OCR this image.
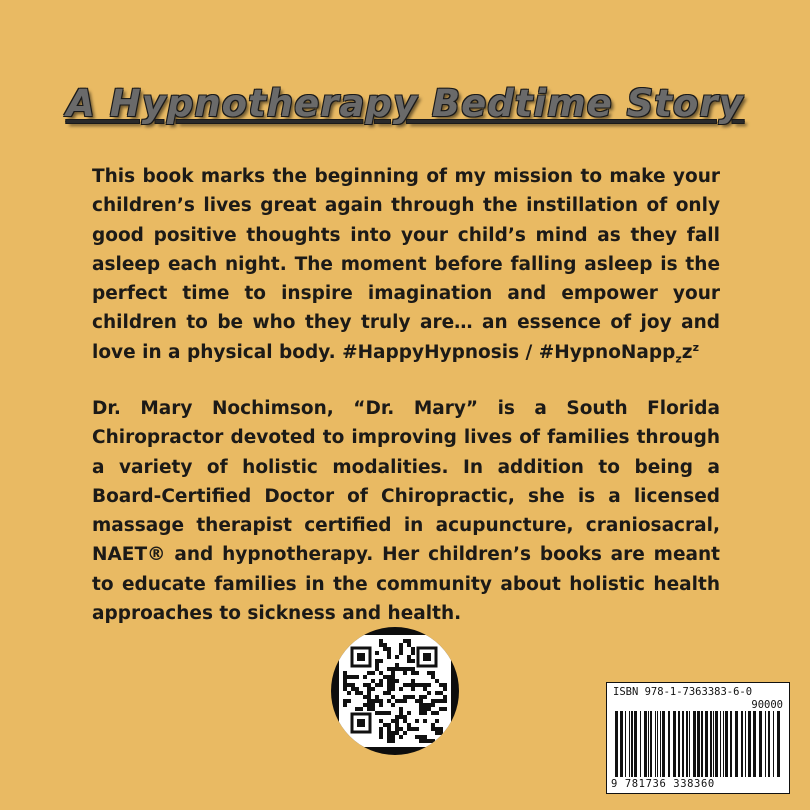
A Hypnotherapy Bedtime Story
This book marks the beginning of my mission to make your children’s lives great again through the instillation of only good positive thoughts into your child’s mind as they fall asleep each night. The moment before falling asleep is the perfect time to inspire imagination and empower your children to be who they truly are… an essence of joy and love in a physical body. #HappyHypnosis / $\#HypnoNapp_zz^z$
Dr. Mary Nochimson, “Dr. Mary” is a South Florida Chiropractor devoted to improving lives of families through a variety of holistic modalities. In addition to being a Board-Certified Doctor of Chiropractic, she is a licensed massage therapist certified in acupuncture, craniosacral, NAET® and hypnotherapy. Her children’s books are meant to educate families in the community about holistic health approaches to sickness and health.
ISBN 978-1-7363383-6-0
90000
9 781736 338360
